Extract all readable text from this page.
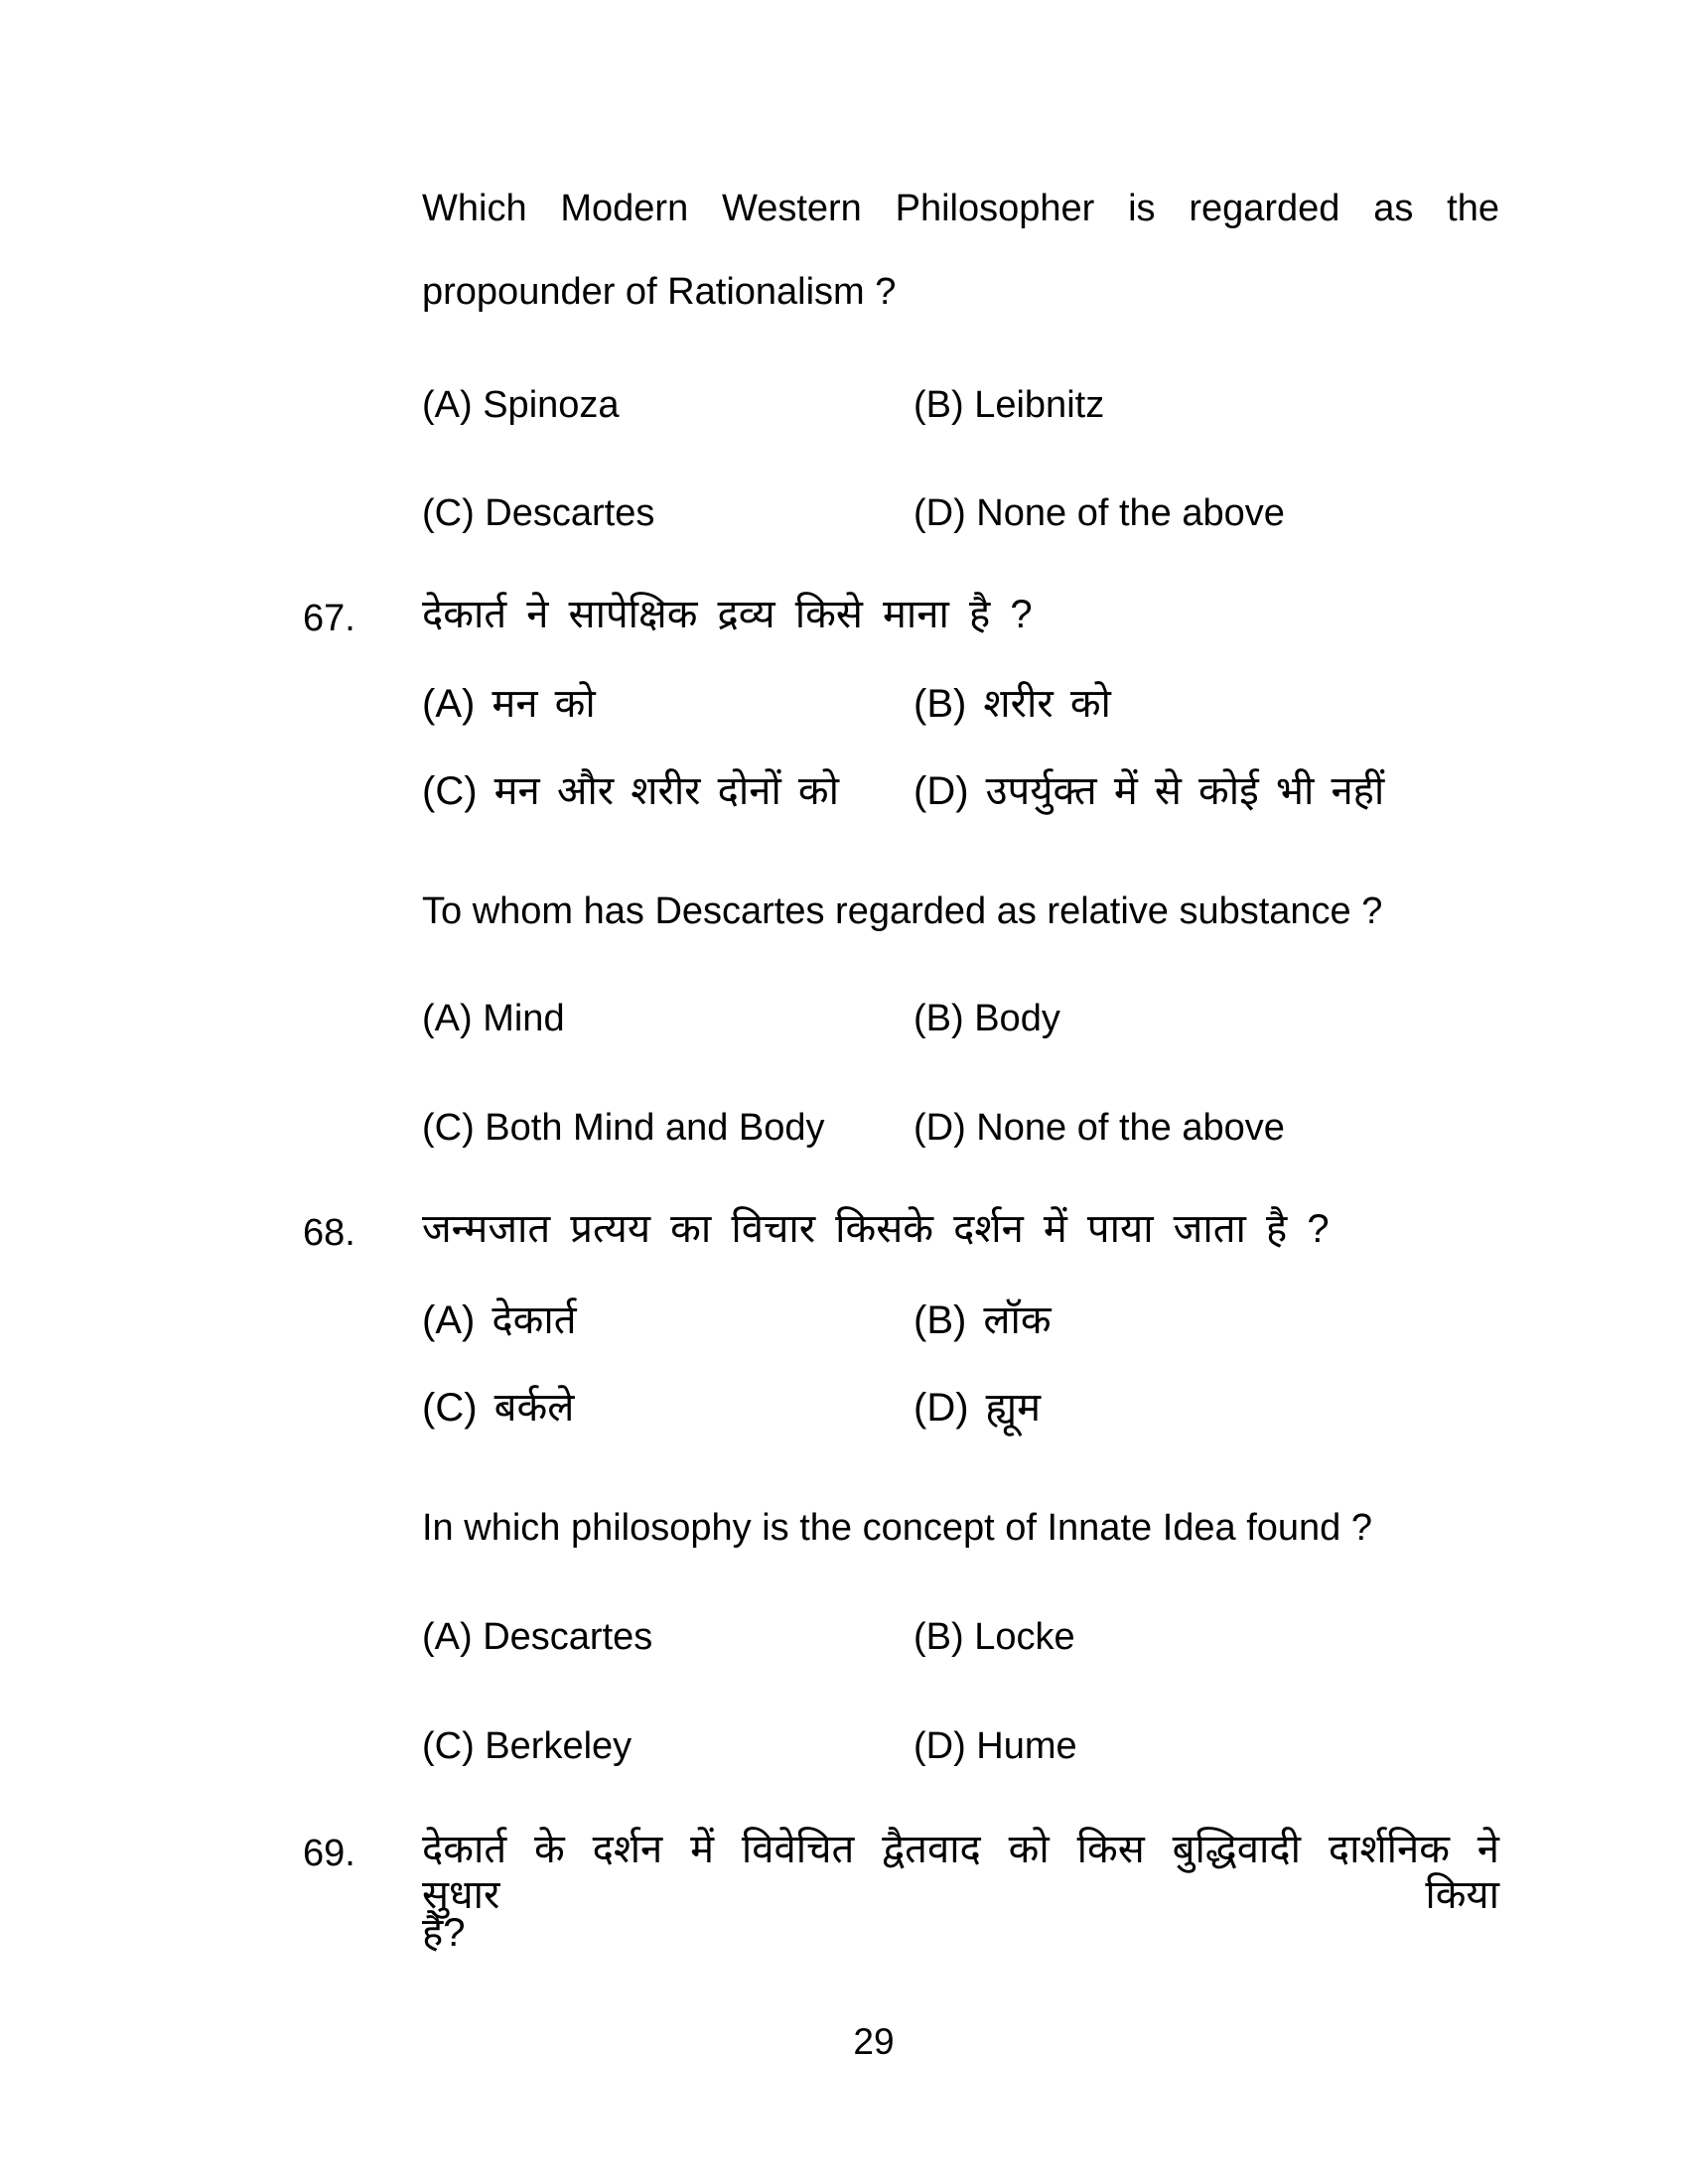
Which Modern Western Philosopher is regarded as the
propounder of Rationalism ?
(A) Spinoza	(B) Leibnitz
(C) Descartes	(D) None of the above
67. देकार्त ने सापेक्षिक द्रव्य किसे माना है ?
(A) मन को	(B) शरीर को
(C) मन और शरीर दोनों को	(D) उपर्युक्त में से कोई भी नहीं
To whom has Descartes regarded as relative substance ?
(A) Mind	(B) Body
(C) Both Mind and Body	(D) None of the above
68. जन्मजात प्रत्यय का विचार किसके दर्शन में पाया जाता है ?
(A) देकार्त	(B) लॉक
(C) बर्कले	(D) ह्यूम
In which philosophy is the concept of Innate Idea found ?
(A) Descartes	(B) Locke
(C) Berkeley	(D) Hume
69. देकार्त के दर्शन में विवेचित द्वैतवाद को किस बुद्धिवादी दार्शनिक ने सुधार किया
है?
29
